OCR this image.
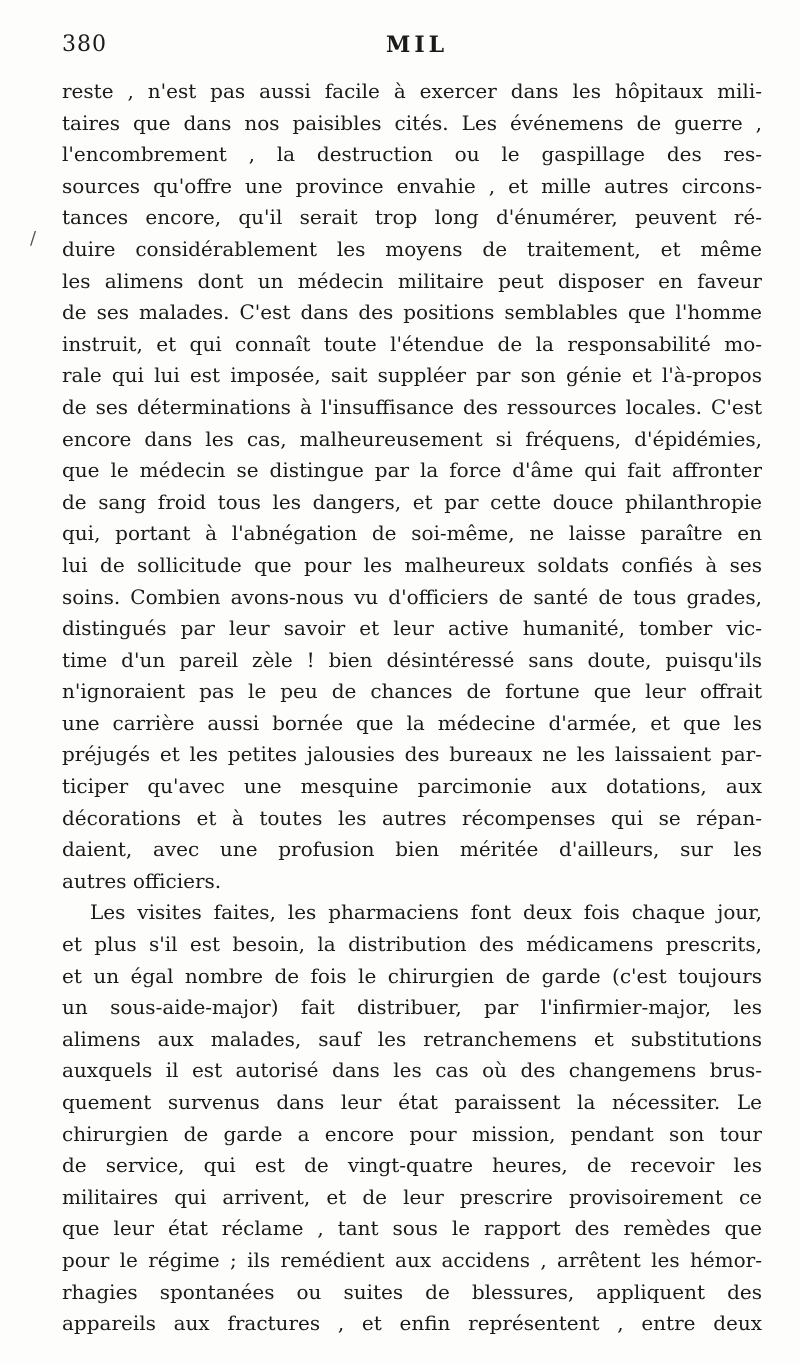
380	MIL
reste , n'est pas aussi facile à exercer dans les hôpitaux mili-
taires que dans nos paisibles cités. Les événemens de guerre ,
l'encombrement , la destruction ou le gaspillage des res-
sources qu'offre une province envahie , et mille autres circons-
tances encore, qu'il serait trop long d'énumérer, peuvent ré-
duire considérablement les moyens de traitement, et même
les alimens dont un médecin militaire peut disposer en faveur
de ses malades. C'est dans des positions semblables que l'homme
instruit, et qui connaît toute l'étendue de la responsabilité mo-
rale qui lui est imposée, sait suppléer par son génie et l'à-propos
de ses déterminations à l'insuffisance des ressources locales. C'est
encore dans les cas, malheureusement si fréquens, d'épidémies,
que le médecin se distingue par la force d'âme qui fait affronter
de sang froid tous les dangers, et par cette douce philanthropie
qui, portant à l'abnégation de soi-même, ne laisse paraître en
lui de sollicitude que pour les malheureux soldats confiés à ses
soins. Combien avons-nous vu d'officiers de santé de tous grades,
distingués par leur savoir et leur active humanité, tomber vic-
time d'un pareil zèle ! bien désintéressé sans doute, puisqu'ils
n'ignoraient pas le peu de chances de fortune que leur offrait
une carrière aussi bornée que la médecine d'armée, et que les
préjugés et les petites jalousies des bureaux ne les laissaient par-
ticiper qu'avec une mesquine parcimonie aux dotations, aux
décorations et à toutes les autres récompenses qui se répan-
daient, avec une profusion bien méritée d'ailleurs, sur les
autres officiers.
Les visites faites, les pharmaciens font deux fois chaque jour,
et plus s'il est besoin, la distribution des médicamens prescrits,
et un égal nombre de fois le chirurgien de garde (c'est toujours
un sous-aide-major) fait distribuer, par l'infirmier-major, les
alimens aux malades, sauf les retranchemens et substitutions
auxquels il est autorisé dans les cas où des changemens brus-
quement survenus dans leur état paraissent la nécessiter. Le
chirurgien de garde a encore pour mission, pendant son tour
de service, qui est de vingt-quatre heures, de recevoir les
militaires qui arrivent, et de leur prescrire provisoirement ce
que leur état réclame , tant sous le rapport des remèdes que
pour le régime ; ils remédient aux accidens , arrêtent les hémor-
rhagies spontanées ou suites de blessures, appliquent des
appareils aux fractures , et enfin représentent , entre deux
/
